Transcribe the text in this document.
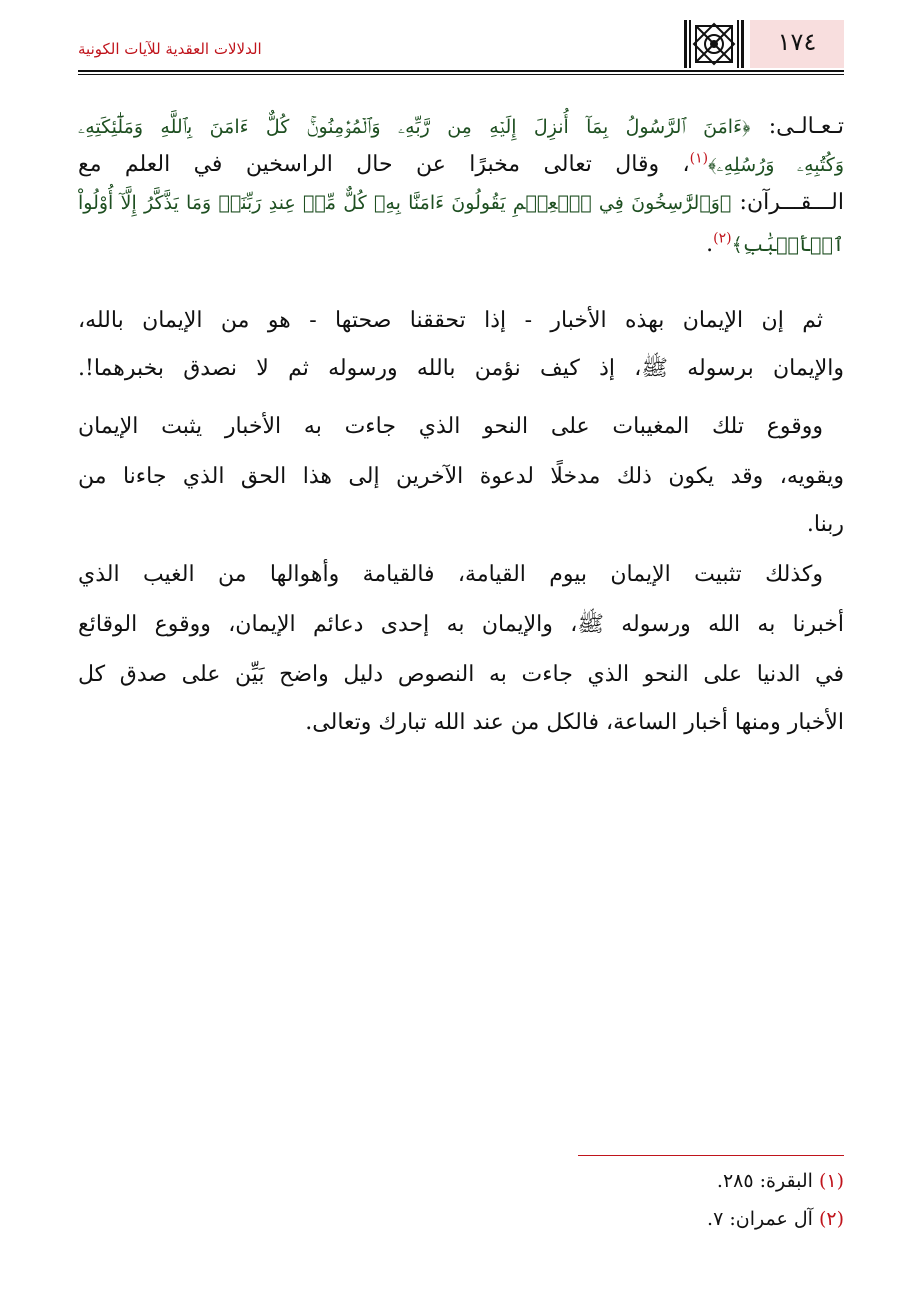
١٧٤
الدلالات العقدية للآيات الكونية
تـعـالـى: ﴿ءَامَنَ ٱلرَّسُولُ بِمَآ أُنزِلَ إِلَيۡهِ مِن رَّبِّهِۦ وَٱلۡمُؤۡمِنُونَۚ كُلٌّ ءَامَنَ بِٱللَّهِ وَمَلَٰٓئِكَتِهِۦ
وَكُتُبِهِۦ وَرُسُلِهِۦ﴾$^{(١)}$، وقال تعالى مخبرًا عن حال الراسخين في العلم مع
الـــقـــرآن: ﴿وَٱلرَّٰسِخُونَ فِي ٱلۡعِلۡمِ يَقُولُونَ ءَامَنَّا بِهِۦ كُلٌّ مِّنۡ عِندِ رَبِّنَاۗ وَمَا يَذَّكَّرُ إِلَّآ أُوْلُواْ
ٱلۡأَلۡبَٰبِ﴾$^{(٢)}$.
ثم إن الإيمان بهذه الأخبار - إذا تحققنا صحتها - هو من الإيمان بالله،
والإيمان برسوله ﷺ، إذ كيف نؤمن بالله ورسوله ثم لا نصدق بخبرهما!.
ووقوع تلك المغيبات على النحو الذي جاءت به الأخبار يثبت الإيمان
ويقويه، وقد يكون ذلك مدخلًا لدعوة الآخرين إلى هذا الحق الذي جاءنا من
ربنا.
وكذلك تثبيت الإيمان بيوم القيامة، فالقيامة وأهوالها من الغيب الذي
أخبرنا به الله ورسوله ﷺ، والإيمان به إحدى دعائم الإيمان، ووقوع الوقائع
في الدنيا على النحو الذي جاءت به النصوص دليل واضح بَيِّن على صدق كل
الأخبار ومنها أخبار الساعة، فالكل من عند الله تبارك وتعالى.
(١) البقرة: ٢٨٥.
(٢) آل عمران: ٧.
